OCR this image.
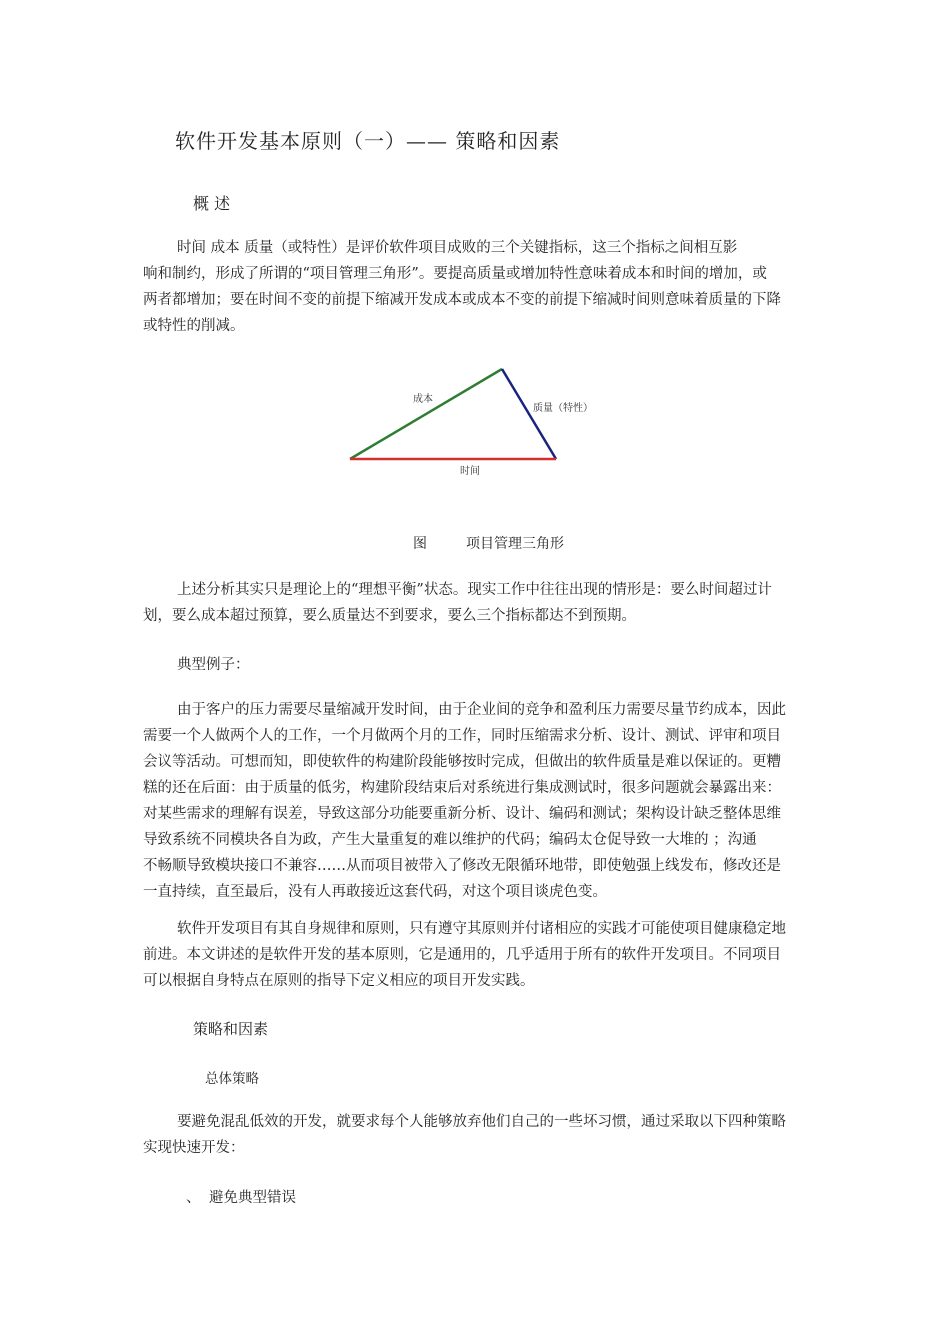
软件开发基本原则（一）—— 策略和因素
概 述
时间 成本 质量（或特性）是评价软件项目成败的三个关键指标，这三个指标之间相互影
响和制约，形成了所谓的“项目管理三角形”。要提高质量或增加特性意味着成本和时间的增加，或
两者都增加；要在时间不变的前提下缩减开发成本或成本不变的前提下缩减时间则意味着质量的下降
或特性的削减。
成本
质量（特性）
时间
图	项目管理三角形
上述分析其实只是理论上的“理想平衡”状态。现实工作中往往出现的情形是：要么时间超过计
划，要么成本超过预算，要么质量达不到要求，要么三个指标都达不到预期。
典型例子：
由于客户的压力需要尽量缩减开发时间，由于企业间的竞争和盈利压力需要尽量节约成本，因此
需要一个人做两个人的工作，一个月做两个月的工作，同时压缩需求分析、设计、测试、评审和项目
会议等活动。可想而知，即使软件的构建阶段能够按时完成，但做出的软件质量是难以保证的。更糟
糕的还在后面：由于质量的低劣，构建阶段结束后对系统进行集成测试时，很多问题就会暴露出来：
对某些需求的理解有误差，导致这部分功能要重新分析、设计、编码和测试；架构设计缺乏整体思维
导致系统不同模块各自为政，产生大量重复的难以维护的代码；编码太仓促导致一大堆的 ；沟通
不畅顺导致模块接口不兼容……从而项目被带入了修改无限循环地带，即使勉强上线发布，修改还是
一直持续，直至最后，没有人再敢接近这套代码，对这个项目谈虎色变。
软件开发项目有其自身规律和原则，只有遵守其原则并付诸相应的实践才可能使项目健康稳定地
前进。本文讲述的是软件开发的基本原则，它是通用的，几乎适用于所有的软件开发项目。不同项目
可以根据自身特点在原则的指导下定义相应的项目开发实践。
策略和因素
总体策略
要避免混乱低效的开发，就要求每个人能够放弃他们自己的一些坏习惯，通过采取以下四种策略
实现快速开发：
、 避免典型错误
